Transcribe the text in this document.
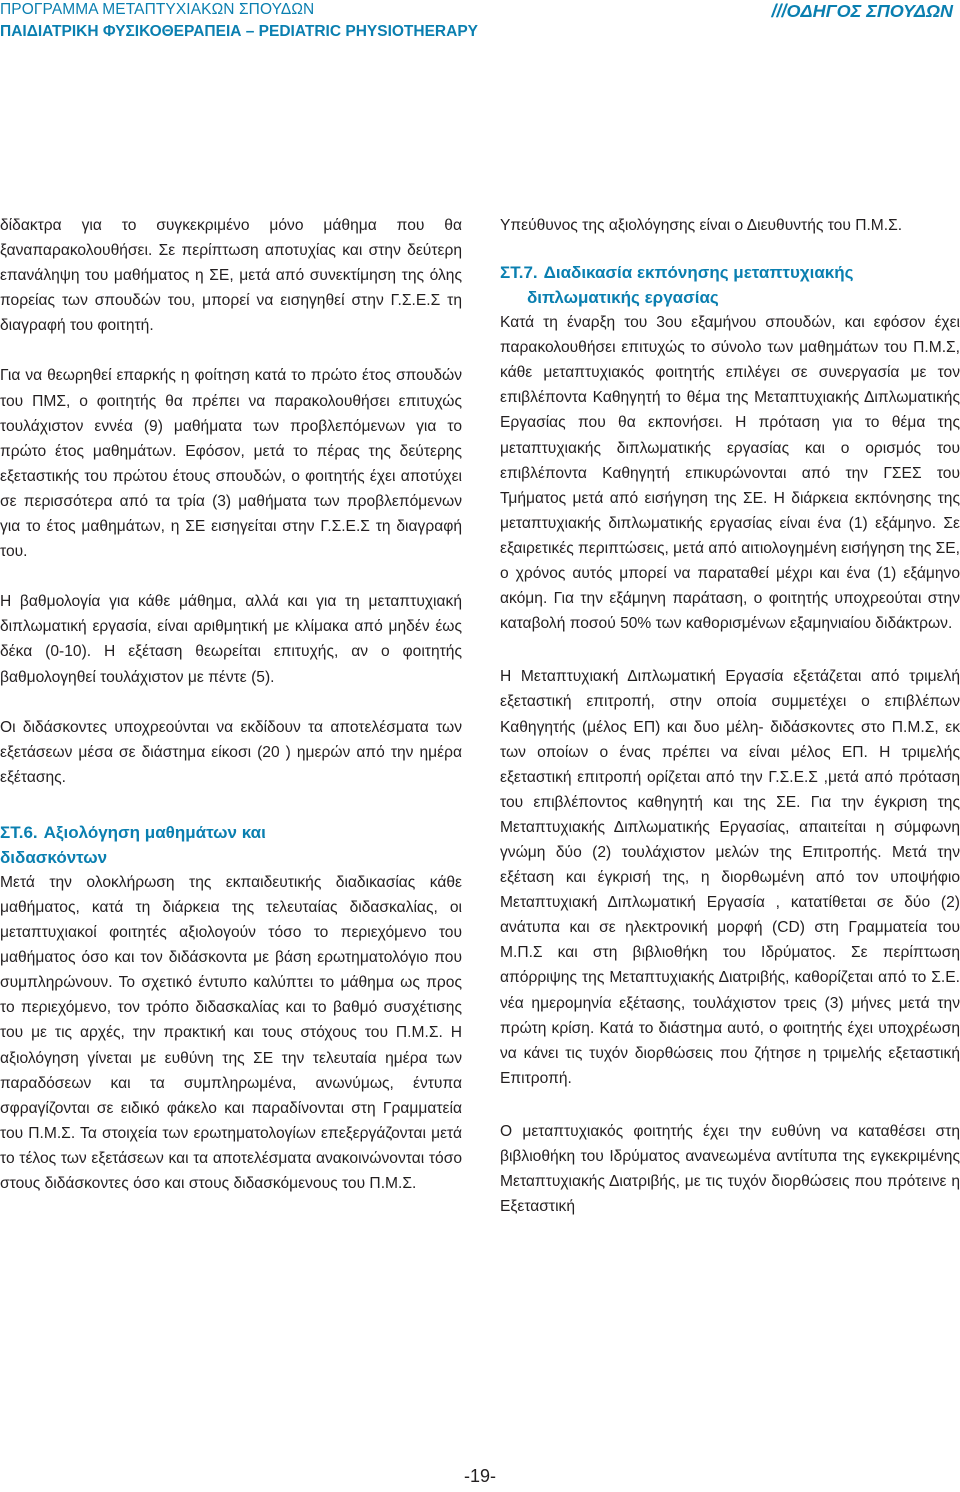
ΠΡΟΓΡΑΜΜΑ ΜΕΤΑΠΤΥΧΙΑΚΩΝ ΣΠΟΥΔΩΝ
ΠΑΙΔΙΑΤΡΙΚΗ ΦΥΣΙΚΟΘΕΡΑΠΕΙΑ – PEDIATRIC PHYSIOTHERAPY
///ΟΔΗΓΟΣ ΣΠΟΥΔΩΝ

δίδακτρα για το συγκεκριμένο μόνο μάθημα που θα ξαναπαρακολουθήσει. Σε περίπτωση αποτυχίας και στην δεύτερη επανάληψη του μαθήματος η ΣΕ, μετά από συνεκτίμηση της όλης πορείας των σπουδών του, μπορεί να εισηγηθεί στην Γ.Σ.Ε.Σ τη διαγραφή του φοιτητή.

Για να θεωρηθεί επαρκής η φοίτηση κατά το πρώτο έτος σπουδών του ΠΜΣ, ο φοιτητής θα πρέπει να παρακολουθήσει επιτυχώς τουλάχιστον εννέα (9) μαθήματα των προβλεπόμενων για το πρώτο έτος μαθημάτων. Εφόσον, μετά το πέρας της δεύτερης εξεταστικής του πρώτου έτους σπουδών, ο φοιτητής έχει αποτύχει σε περισσότερα από τα τρία (3) μαθήματα των προβλεπόμενων για το έτος μαθημάτων, η ΣΕ εισηγείται στην Γ.Σ.Ε.Σ τη διαγραφή του.

Η βαθμολογία για κάθε μάθημα, αλλά και για τη μεταπτυχιακή διπλωματική εργασία, είναι αριθμητική με κλίμακα από μηδέν έως δέκα (0-10). Η εξέταση θεωρείται επιτυχής, αν ο φοιτητής βαθμολογηθεί τουλάχιστον με πέντε (5).

Οι διδάσκοντες υποχρεούνται να εκδίδουν τα αποτελέσματα των εξετάσεων μέσα σε διάστημα είκοσι (20 ) ημερών από την ημέρα εξέτασης.

ΣΤ.6. Αξιολόγηση μαθημάτων και
διδασκόντων

Μετά την ολοκλήρωση της εκπαιδευτικής διαδικασίας κάθε μαθήματος, κατά τη διάρκεια της τελευταίας διδασκαλίας, οι μεταπτυχιακοί φοιτητές αξιολογούν τόσο το περιεχόμενο του μαθήματος όσο και τον διδάσκοντα με βάση ερωτηματολόγιο που συμπληρώνουν. Το σχετικό έντυπο καλύπτει το μάθημα ως προς το περιεχόμενο, τον τρόπο διδασκαλίας και το βαθμό συσχέτισης του με τις αρχές, την πρακτική και τους στόχους του Π.Μ.Σ. Η αξιολόγηση γίνεται με ευθύνη της ΣΕ την τελευταία ημέρα των παραδόσεων και τα συμπληρωμένα, ανωνύμως, έντυπα σφραγίζονται σε ειδικό φάκελο και παραδίνονται στη Γραμματεία του Π.Μ.Σ. Τα στοιχεία των ερωτηματολογίων επεξεργάζονται μετά το τέλος των εξετάσεων και τα αποτελέσματα ανακοινώνονται τόσο στους διδάσκοντες όσο και στους διδασκόμενους του Π.Μ.Σ.

Υπεύθυνος της αξιολόγησης είναι ο Διευθυντής του Π.Μ.Σ.

ΣΤ.7. Διαδικασία εκπόνησης μεταπτυχιακής
διπλωματικής εργασίας

Κατά τη έναρξη του 3ου εξαμήνου σπουδών, και εφόσον έχει παρακολουθήσει επιτυχώς το σύνολο των μαθημάτων του Π.Μ.Σ, κάθε μεταπτυχιακός φοιτητής επιλέγει σε συνεργασία με τον επιβλέποντα Καθηγητή το θέμα της Μεταπτυχιακής Διπλωματικής Εργασίας που θα εκπονήσει. Η πρόταση για το θέμα της μεταπτυχιακής διπλωματικής εργασίας και ο ορισμός του επιβλέποντα Καθηγητή επικυρώνονται από την ΓΣΕΣ του Τμήματος μετά από εισήγηση της ΣΕ. Η διάρκεια εκπόνησης της μεταπτυχιακής διπλωματικής εργασίας είναι ένα (1) εξάμηνο. Σε εξαιρετικές περιπτώσεις, μετά από αιτιολογημένη εισήγηση της ΣΕ, ο χρόνος αυτός μπορεί να παραταθεί μέχρι και ένα (1) εξάμηνο ακόμη. Για την εξάμηνη παράταση, ο φοιτητής υποχρεούται στην καταβολή ποσού 50% των καθορισμένων εξαμηνιαίου διδάκτρων.

Η Μεταπτυχιακή Διπλωματική Εργασία εξετάζεται από τριμελή εξεταστική επιτροπή, στην οποία συμμετέχει ο επιβλέπων Καθηγητής (μέλος ΕΠ) και δυο μέλη- διδάσκοντες στο Π.Μ.Σ, εκ των οποίων ο ένας πρέπει να είναι μέλος ΕΠ. Η τριμελής εξεταστική επιτροπή ορίζεται από την Γ.Σ.Ε.Σ ,μετά από πρόταση του επιβλέποντος καθηγητή και της ΣΕ. Για την έγκριση της Μεταπτυχιακής Διπλωματικής Εργασίας, απαιτείται η σύμφωνη γνώμη δύο (2) τουλάχιστον μελών της Επιτροπής. Μετά την εξέταση και έγκρισή της, η διορθωμένη από τον υποψήφιο Μεταπτυχιακή Διπλωματική Εργασία , κατατίθεται σε δύο (2) ανάτυπα και σε ηλεκτρονική μορφή (CD) στη Γραμματεία του Μ.Π.Σ και στη βιβλιοθήκη του Ιδρύματος. Σε περίπτωση απόρριψης της Μεταπτυχιακής Διατριβής, καθορίζεται από το Σ.Ε. νέα ημερομηνία εξέτασης, τουλάχιστον τρεις (3) μήνες μετά την πρώτη κρίση. Κατά το διάστημα αυτό, ο φοιτητής έχει υποχρέωση να κάνει τις τυχόν διορθώσεις που ζήτησε η τριμελής εξεταστική Επιτροπή.

Ο μεταπτυχιακός φοιτητής έχει την ευθύνη να καταθέσει στη βιβλιοθήκη του Ιδρύματος ανανεωμένα αντίτυπα της εγκεκριμένης Μεταπτυχιακής Διατριβής, με τις τυχόν διορθώσεις που πρότεινε η Εξεταστική

-19-
